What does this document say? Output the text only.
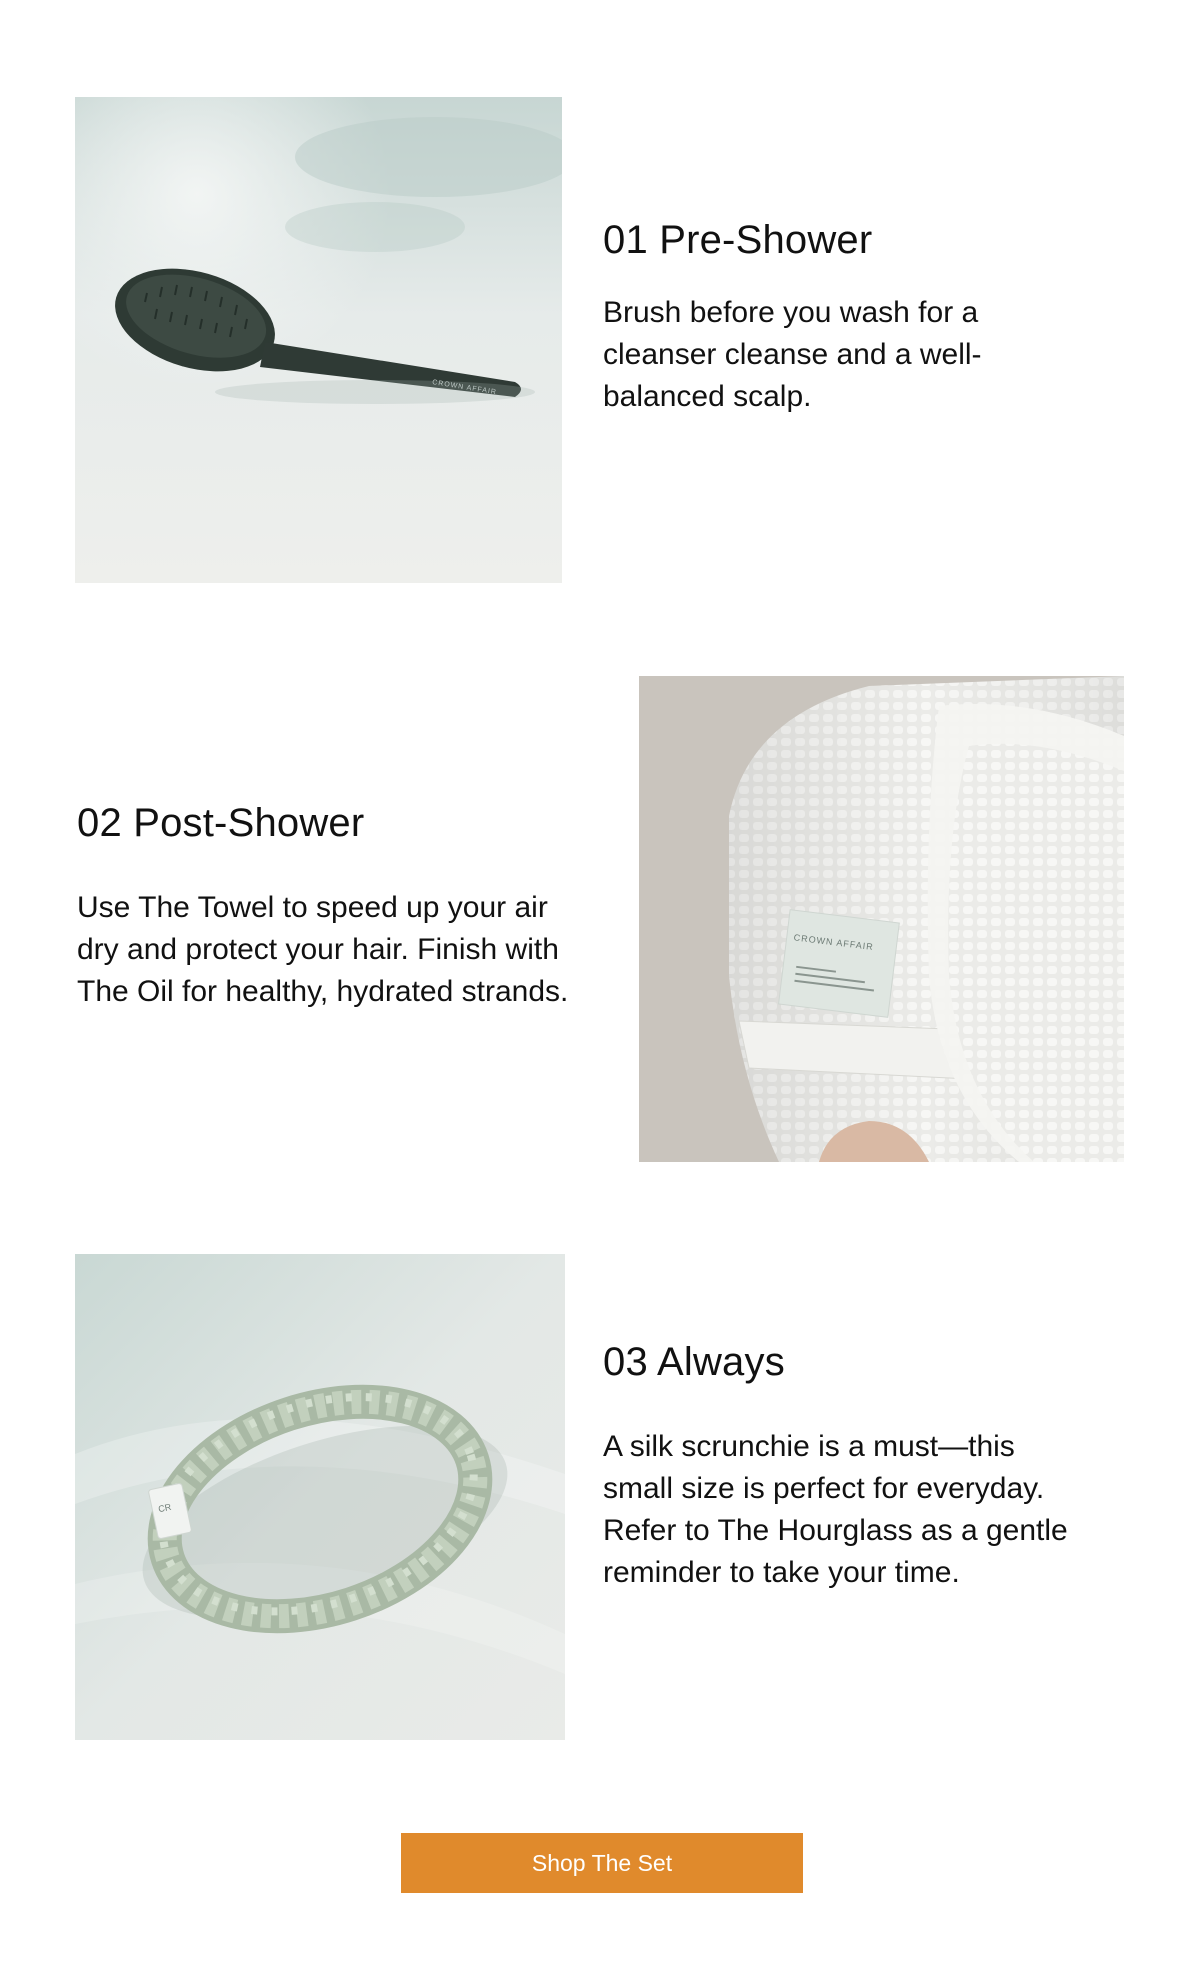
CROWN AFFAIR
01 Pre-Shower

Brush before you wash for a cleanser cleanse and a well-balanced scalp.

02 Post-Shower

Use The Towel to speed up your air dry and protect your hair. Finish with The Oil for healthy, hydrated strands.

CROWN AFFAIR
CR
03 Always

A silk scrunchie is a must—this small size is perfect for everyday. Refer to The Hourglass as a gentle reminder to take your time.

Shop The Set
